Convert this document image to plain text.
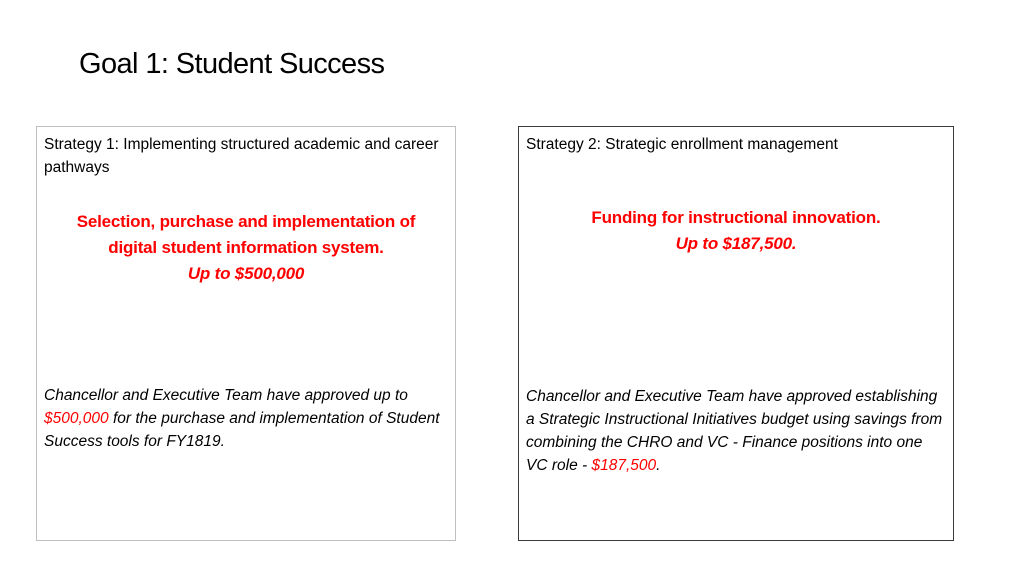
Goal 1: Student Success
Strategy 1: Implementing structured academic and career pathways
Selection, purchase and implementation of
digital student information system.
Up to $500,000
Chancellor and Executive Team have approved up to $500,000 for the purchase and implementation of Student Success tools for FY1819.
Strategy 2: Strategic enrollment management
Funding for instructional innovation.
Up to $187,500.
Chancellor and Executive Team have approved establishing a Strategic Instructional Initiatives budget using savings from combining the CHRO and VC - Finance positions into one VC role - $187,500.
